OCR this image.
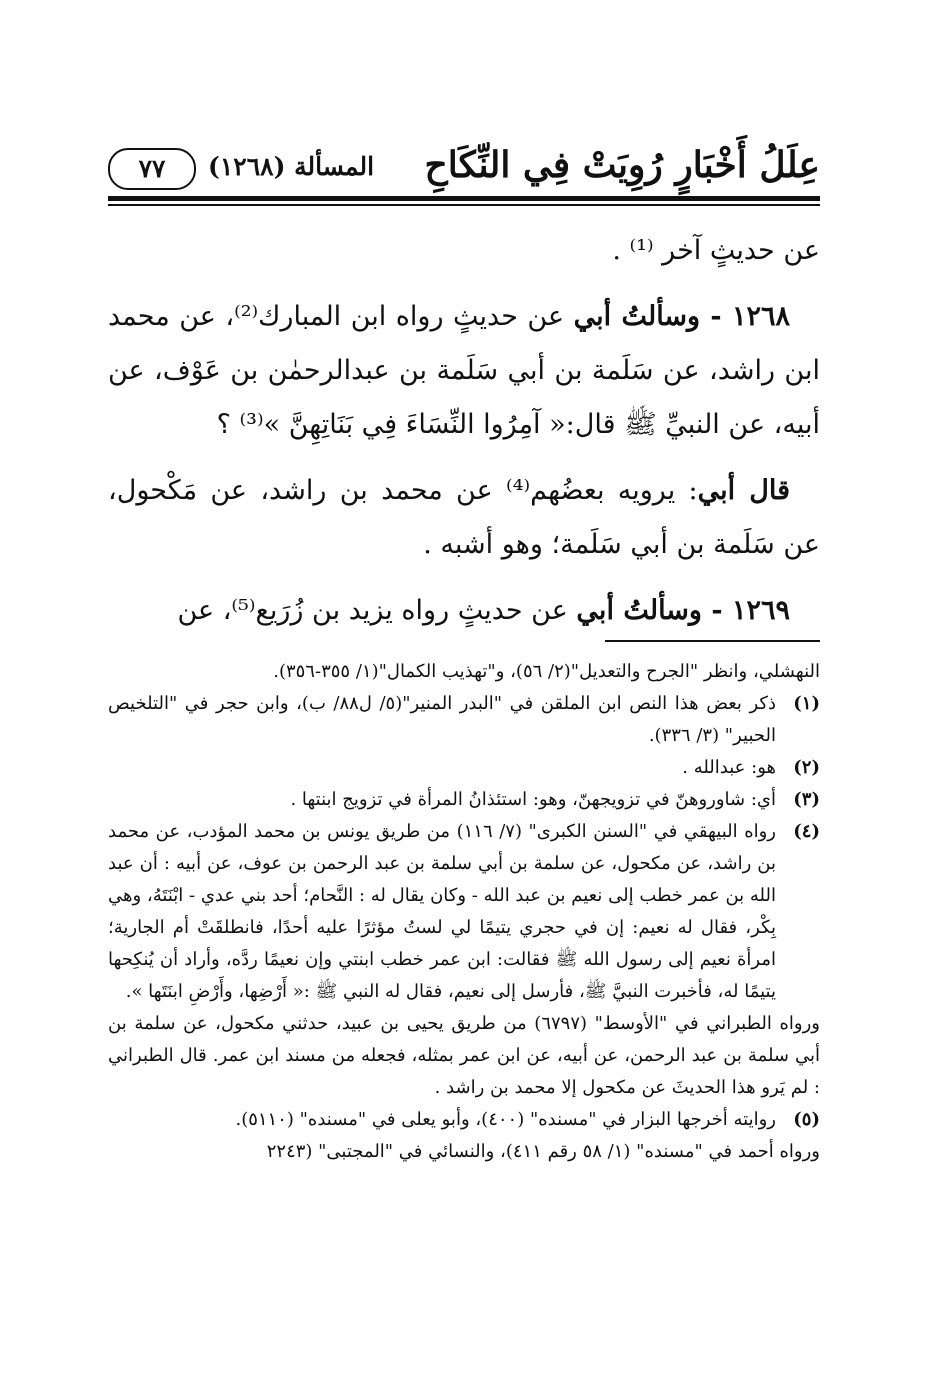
عِلَلُ أَخْبَارٍ رُوِيَتْ فِي النِّكَاحِ
المسألة (١٢٦٨)
٧٧

عن حديثٍ آخر ⁽¹⁾ .

١٢٦٨ - وسألتُ أبي عن حديثٍ رواه ابن المبارك⁽²⁾، عن محمد ابن راشد، عن سَلَمة بن أبي سَلَمة بن عبدالرحمٰن بن عَوْف، عن أبيه، عن النبيِّ ﷺ قال:« آمِرُوا النِّسَاءَ فِي بَنَاتِهِنَّ »⁽³⁾ ؟

قال أبي: يرويه بعضُهم⁽⁴⁾ عن محمد بن راشد، عن مَكْحول، عن سَلَمة بن أبي سَلَمة؛ وهو أشبه .

١٢٦٩ - وسألتُ أبي عن حديثٍ رواه يزيد بن زُرَيع⁽⁵⁾، عن

النهشلي، وانظر "الجرح والتعديل"(٢/ ٥٦)، و"تهذيب الكمال"(١/ ٣٥٥-٣٥٦).

(١)
ذكر بعض هذا النص ابن الملقن في "البدر المنير"(٥/ ل٨٨/ ب)، وابن حجر في "التلخيص الحبير" (٣/ ٣٣٦).

(٢)
هو: عبدالله .

(٣)
أي: شاوروهنّ في تزويجهنّ، وهو: استئذانُ المرأة في تزويج ابنتها .

(٤)
رواه البيهقي في "السنن الكبرى" (٧/ ١١٦) من طريق يونس بن محمد المؤدب، عن محمد بن راشد، عن مكحول، عن سلمة بن أبي سلمة بن عبد الرحمن بن عوف، عن أبيه : أن عبد الله بن عمر خطب إلى نعيم بن عبد الله - وكان يقال له : النَّحام؛ أحد بني عدي - ابْنَتَهُ، وهي بِكْر، فقال له نعيم: إن في حجري يتيمًا لي لستُ مؤثرًا عليه أحدًا، فانطلقَتْ أم الجارية؛ امرأة نعيم إلى رسول الله ﷺ فقالت: ابن عمر خطب ابنتي وإن نعيمًا ردَّه، وأراد أن يُنكِحها يتيمًا له، فأخبرت النبيَّ ﷺ، فأرسل إلى نعيم، فقال له النبي ﷺ :« أَرْضِها، وأَرْضِ ابنَتَها ».

ورواه الطبراني في "الأوسط" (٦٧٩٧) من طريق يحيى بن عبيد، حدثني مكحول، عن سلمة بن أبي سلمة بن عبد الرحمن، عن أبيه، عن ابن عمر بمثله، فجعله من مسند ابن عمر. قال الطبراني : لم يَرو هذا الحديثَ عن مكحول إلا محمد بن راشد .

(٥)
روايته أخرجها البزار في "مسنده" (٤٠٠)، وأبو يعلى في "مسنده" (٥١١٠).

ورواه أحمد في "مسنده" (١/ ٥٨ رقم ٤١١)، والنسائي في "المجتبى" (٢٢٤٣
